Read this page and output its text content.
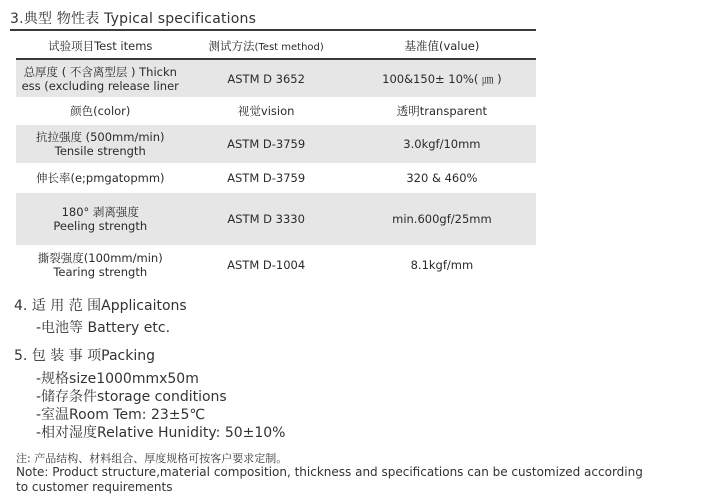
3.典型 物性表 Typical specifications
试验项目Test items	测试方法(Test method)	基准值(value)
总厚度 ( 不含离型层 ) Thickn
ess (excluding release liner	ASTM D 3652	100&150± 10%( ㎛ )
颜色(color)	视觉vision	透明transparent
抗拉强度 (500mm/min)
Tensile strength	ASTM D-3759	3.0kgf/10mm
伸长率(e;pmgatopmm)	ASTM D-3759	320 & 460%
180° 剥离强度
Peeling strength	ASTM D 3330	min.600gf/25mm
撕裂强度(100mm/min)
Tearing strength	ASTM D-1004	8.1kgf/mm
4. 适 用 范 围Applicaitons
-电池等 Battery etc.
5. 包 装 事 项Packing
-规格size1000mmx50m
-储存条件storage conditions
-室温Room Tem: 23±5℃
-相对湿度Relative Hunidity: 50±10%
注: 产品结构、材料组合、厚度规格可按客户要求定制。
Note: Product structure,material composition, thickness and specifications can be customized according
to customer requirements
